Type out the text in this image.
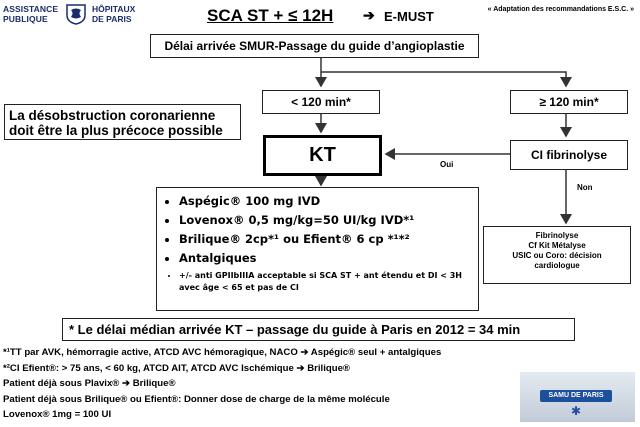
ASSISTANCE
PUBLIQUE
HÔPITAUX
DE PARIS	SCA ST + ≤ 12H ➔ E-MUST	« Adaptation des recommandations E.S.C. »
Délai arrivée SMUR-Passage du guide d’angioplastie
< 120 min*	≥ 120 min*
KT	CI fibrinolyse
Oui
Non
La désobstruction coronarienne doit être la plus précoce possible
• Aspégic® 100 mg IVD
• Lovenox® 0,5 mg/kg=50 UI/kg IVD*¹
• Brilique® 2cp*¹ ou Efient® 6 cp *¹*²
• Antalgiques
• +/- anti GPIIbIIIA acceptable si SCA ST + ant étendu et DI < 3H
avec âge < 65 et pas de CI
Fibrinolyse
Cf Kit Métalyse
USIC ou Coro: décision
cardiologue
* Le délai médian arrivée KT – passage du guide à Paris en 2012 = 34 min
SAMU DE PARIS
✱
*¹TT par AVK, hémorragie active, ATCD AVC hémoragique, NACO ➔ Aspégic® seul + antalgiques
*²CI Efient®: > 75 ans, < 60 kg, ATCD AIT, ATCD AVC Ischémique ➔ Brilique®
Patient déjà sous Plavix® ➔ Brilique®
Patient déjà sous Brilique® ou Efient®: Donner dose de charge de la même molécule
Lovenox® 1mg = 100 UI
